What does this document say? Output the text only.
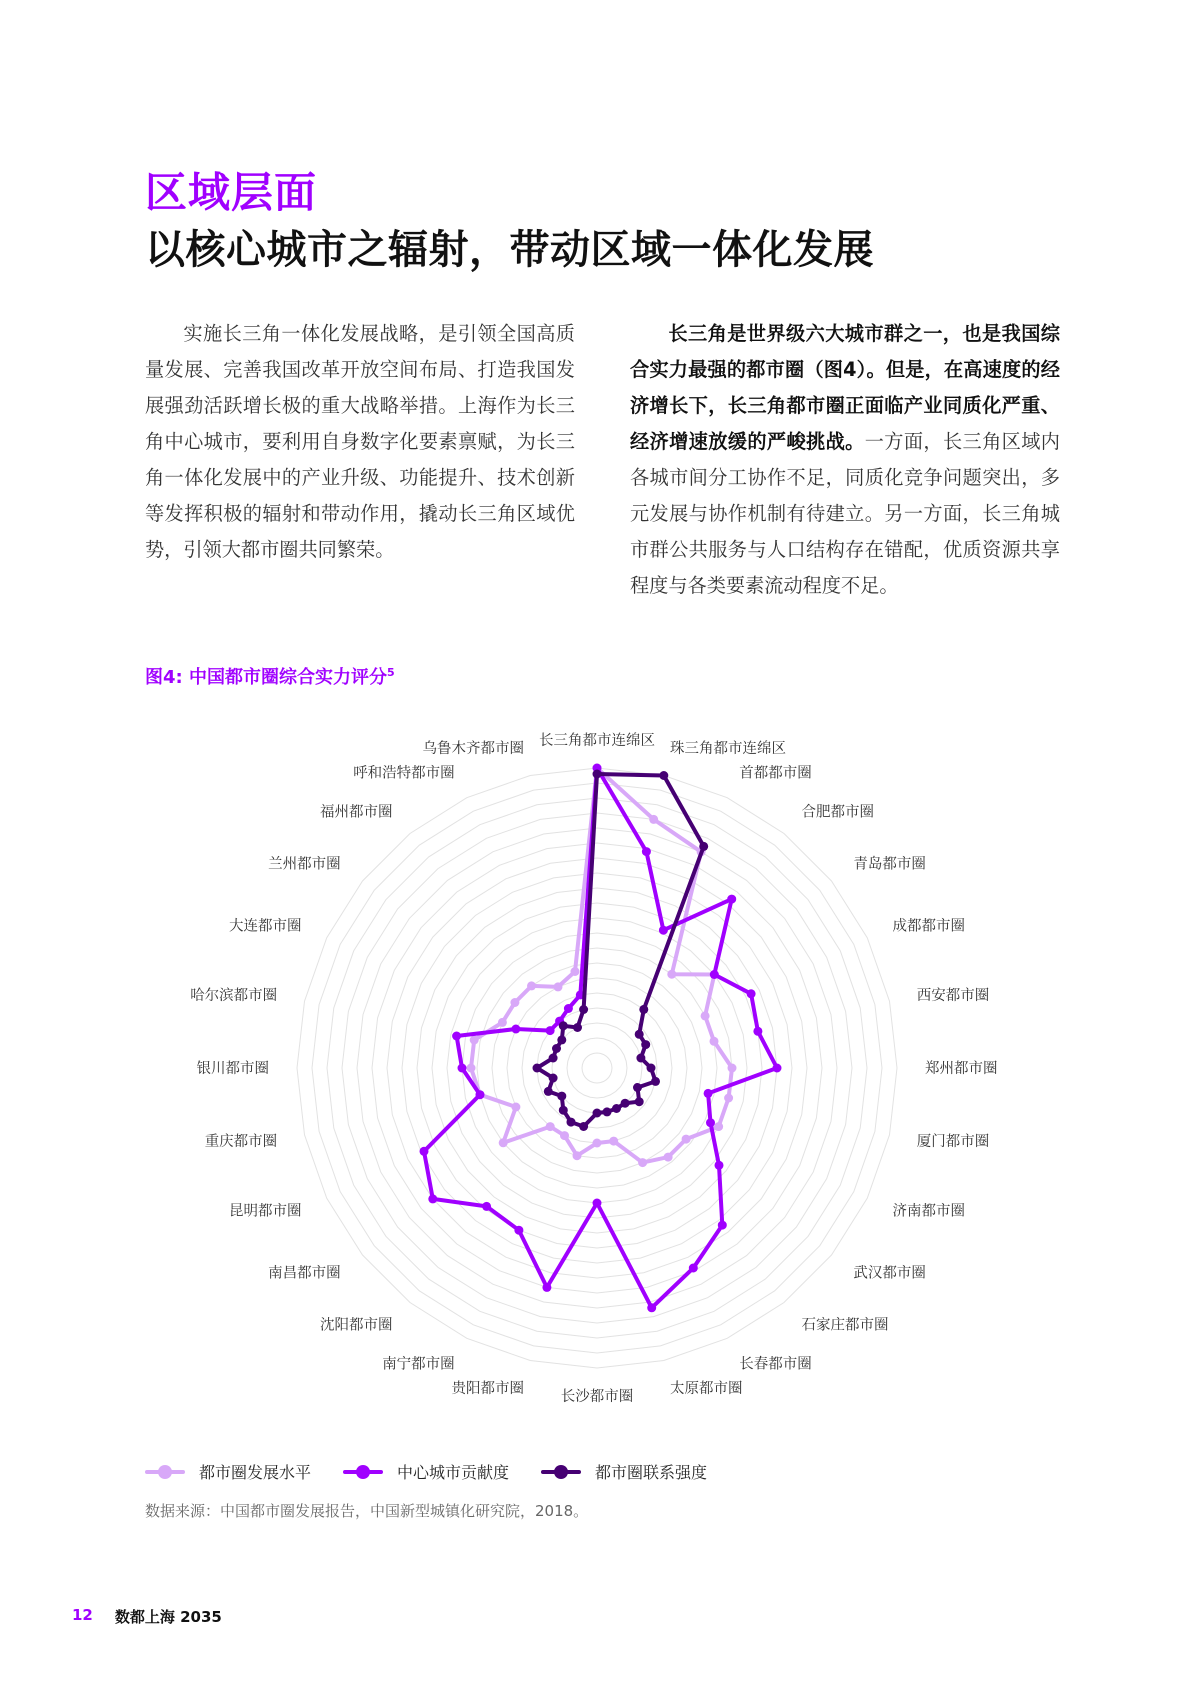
区域层面
以核心城市之辐射，带动区域一体化发展

实施长三角一体化发展战略，是引领全国高质量发展、完善我国改革开放空间布局、打造我国发展强劲活跃增长极的重大战略举措。上海作为长三角中心城市，要利用自身数字化要素禀赋，为长三角一体化发展中的产业升级、功能提升、技术创新等发挥积极的辐射和带动作用，撬动长三角区域优势，引领大都市圈共同繁荣。

长三角是世界级六大城市群之一，也是我国综合实力最强的都市圈（图4）。但是，在高速度的经济增长下，长三角都市圈正面临产业同质化严重、经济增速放缓的严峻挑战。一方面，长三角区域内各城市间分工协作不足，同质化竞争问题突出，多元发展与协作机制有待建立。另一方面，长三角城市群公共服务与人口结构存在错配，优质资源共享程度与各类要素流动程度不足。

图4: 中国都市圈综合实力评分$^5$
长三角都市连绵区
珠三角都市连绵区
首都都市圈
合肥都市圈
青岛都市圈
成都都市圈
西安都市圈
郑州都市圈
厦门都市圈
济南都市圈
武汉都市圈
石家庄都市圈
长春都市圈
太原都市圈
长沙都市圈
贵阳都市圈
南宁都市圈
沈阳都市圈
南昌都市圈
昆明都市圈
重庆都市圈
银川都市圈
哈尔滨都市圈
大连都市圈
兰州都市圈
福州都市圈
呼和浩特都市圈
乌鲁木齐都市圈
都市圈发展水平	中心城市贡献度	都市圈联系强度
数据来源：中国都市圈发展报告，中国新型城镇化研究院，2018。
12 数都上海 2035
